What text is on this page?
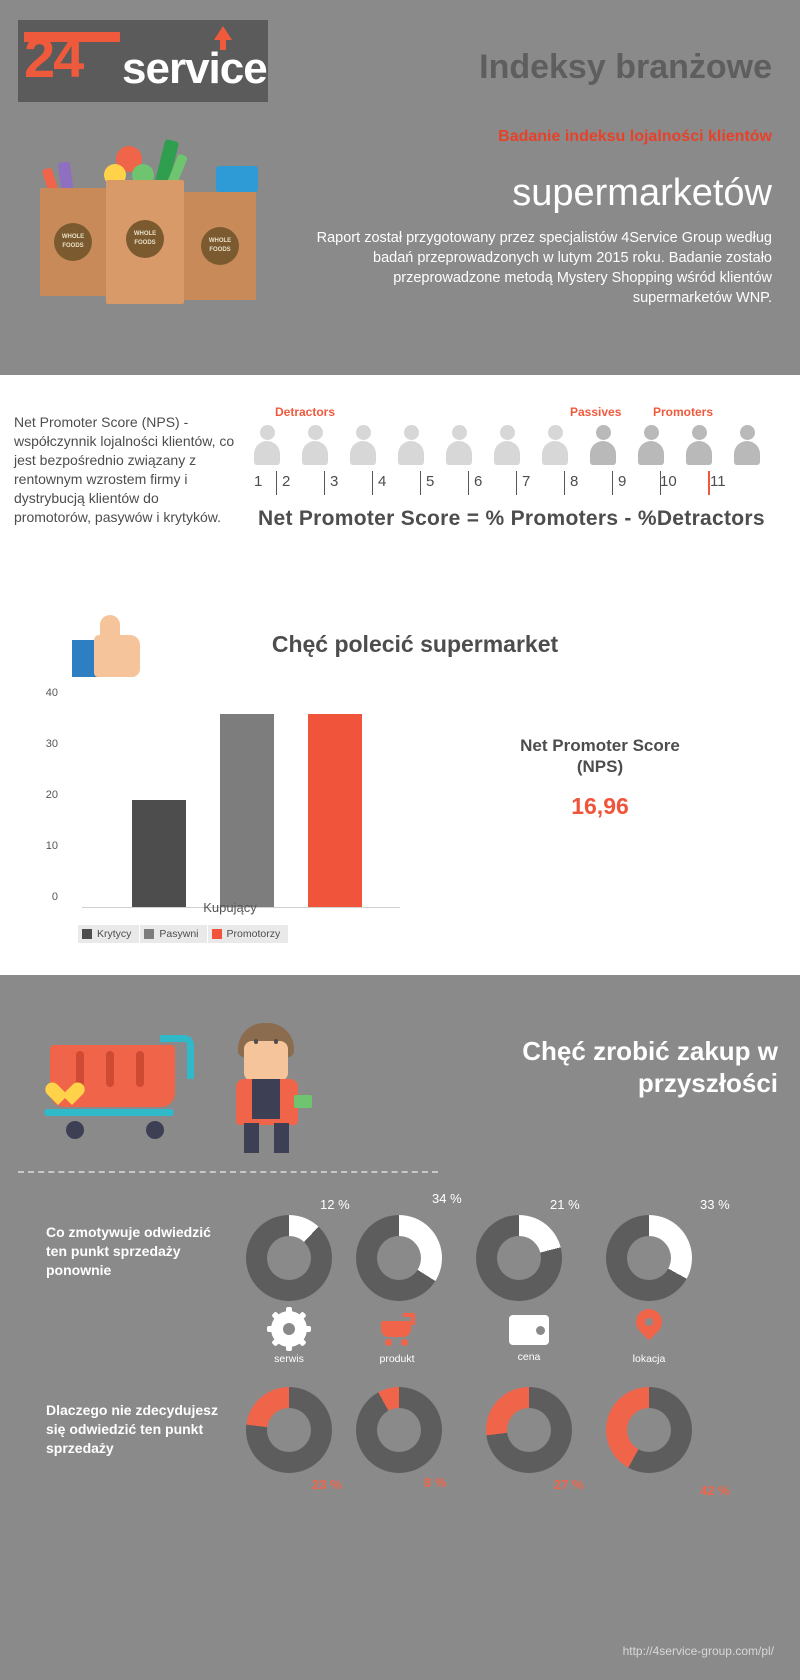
24 service
WHOLE
FOODS
WHOLE
FOODS	WHOLE
FOODS
Indeksy branżowe
Badanie indeksu lojalności klientów
supermarketów
Raport został przygotowany przez specjalistów 4Service Group według badań przeprowadzonych w lutym 2015 roku. Badanie zostało przeprowadzone metodą Mystery Shopping wśród klientów supermarketów WNP.
Net Promoter Score (NPS) - współczynnik lojalności klientów, co jest bezpośrednio związany z rentownym wzrostem firmy i dystrybucją klientów do promotorów, pasywów i krytyków.
Detractors	Passives	Promoters
1 2	3	4	5	6	7	8	9 10 11
Net Promoter Score = % Promoters - %Detractors
Chęć polecić supermarket
40
30
20
10
0
Kupujący
Krytycy	Pasywni	Promotorzy
Net Promoter Score
(NPS)
16,96
Chęć zrobić zakup w przyszłości
Co zmotywuje odwiedzić ten punkt sprzedaży ponownie
12 %	34 %	21 %	33 %
serwis	produkt	cena	lokacja
Dlaczego nie zdecydujesz się odwiedzić ten punkt sprzedaży
23 %	8 %	27 %	42 %
http://4service-group.com/pl/
